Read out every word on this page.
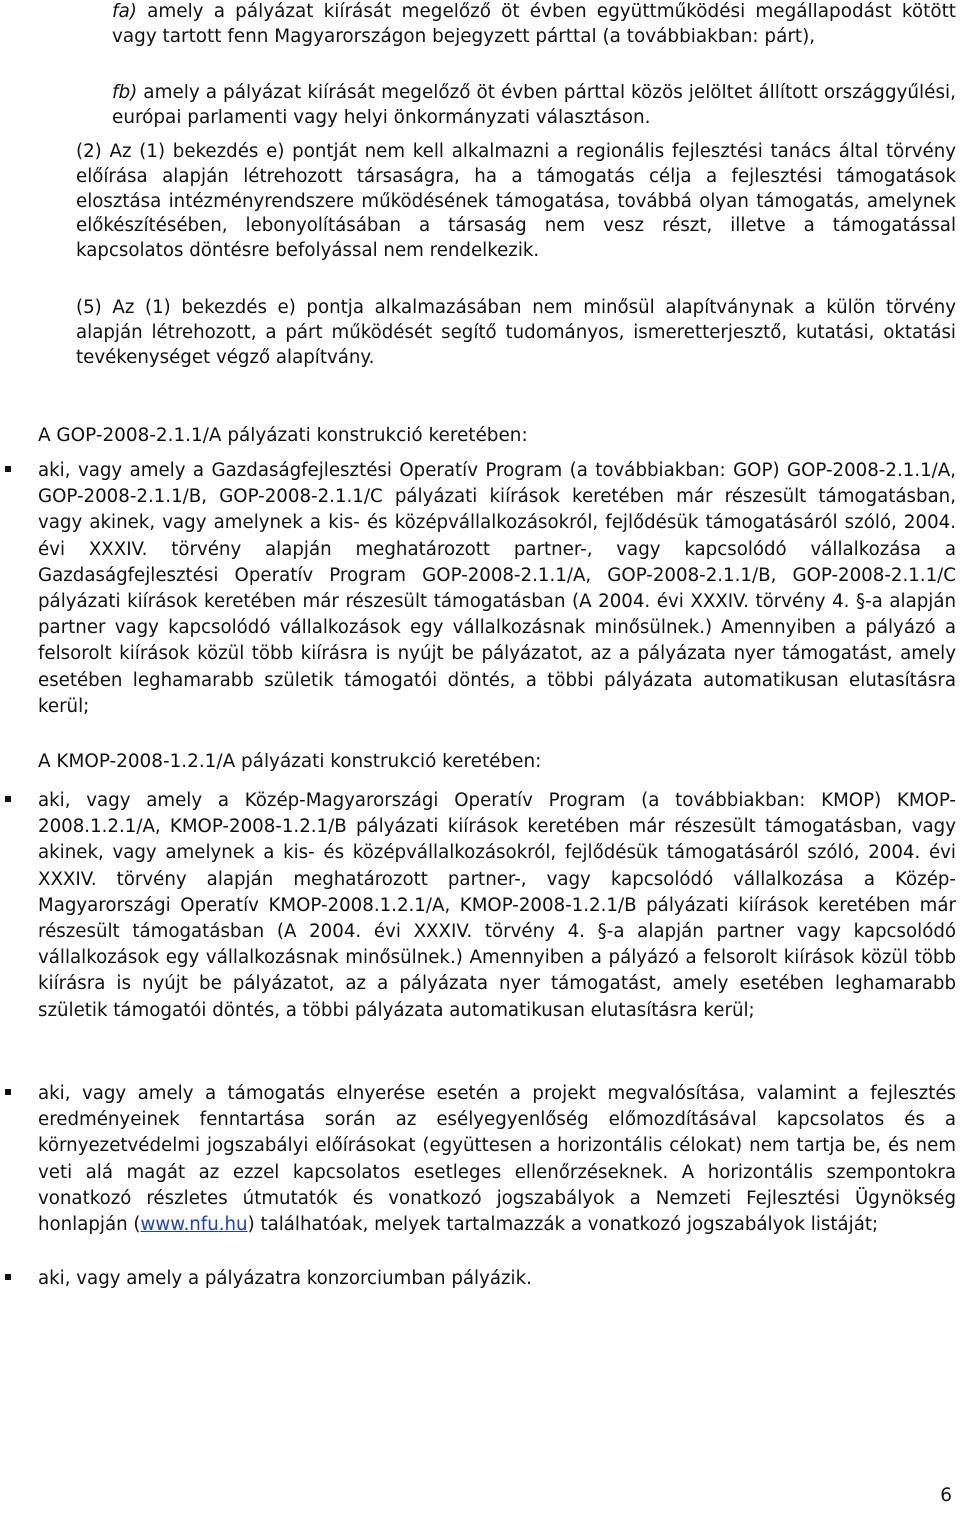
fa) amely a pályázat kiírását megelőző öt évben együttműködési megállapodást kötött vagy tartott fenn Magyarországon bejegyzett párttal (a továbbiakban: párt),
fb) amely a pályázat kiírását megelőző öt évben párttal közös jelöltet állított országgyűlési, európai parlamenti vagy helyi önkormányzati választáson.
(2) Az (1) bekezdés e) pontját nem kell alkalmazni a regionális fejlesztési tanács által törvény előírása alapján létrehozott társaságra, ha a támogatás célja a fejlesztési támogatások elosztása intézményrendszere működésének támogatása, továbbá olyan támogatás, amelynek előkészítésében, lebonyolításában a társaság nem vesz részt, illetve a támogatással kapcsolatos döntésre befolyással nem rendelkezik.
(5) Az (1) bekezdés e) pontja alkalmazásában nem minősül alapítványnak a külön törvény alapján létrehozott, a párt működését segítő tudományos, ismeretterjesztő, kutatási, oktatási tevékenységet végző alapítvány.
A GOP-2008-2.1.1/A pályázati konstrukció keretében:
aki, vagy amely a Gazdaságfejlesztési Operatív Program (a továbbiakban: GOP) GOP-2008-2.1.1/A, GOP-2008-2.1.1/B, GOP-2008-2.1.1/C pályázati kiírások keretében már részesült támogatásban, vagy akinek, vagy amelynek a kis- és középvállalkozásokról, fejlődésük támogatásáról szóló, 2004. évi XXXIV. törvény alapján meghatározott partner-, vagy kapcsolódó vállalkozása a Gazdaságfejlesztési Operatív Program GOP-2008-2.1.1/A, GOP-2008-2.1.1/B, GOP-2008-2.1.1/C pályázati kiírások keretében már részesült támogatásban (A 2004. évi XXXIV. törvény 4. §-a alapján partner vagy kapcsolódó vállalkozások egy vállalkozásnak minősülnek.) Amennyiben a pályázó a felsorolt kiírások közül több kiírásra is nyújt be pályázatot, az a pályázata nyer támogatást, amely esetében leghamarabb születik támogatói döntés, a többi pályázata automatikusan elutasításra kerül;
A KMOP-2008-1.2.1/A pályázati konstrukció keretében:
aki, vagy amely a Közép-Magyarországi Operatív Program (a továbbiakban: KMOP) KMOP-2008.1.2.1/A, KMOP-2008-1.2.1/B pályázati kiírások keretében már részesült támogatásban, vagy akinek, vagy amelynek a kis- és középvállalkozásokról, fejlődésük támogatásáról szóló, 2004. évi XXXIV. törvény alapján meghatározott partner-, vagy kapcsolódó vállalkozása a Közép-Magyarországi Operatív KMOP-2008.1.2.1/A, KMOP-2008-1.2.1/B pályázati kiírások keretében már részesült támogatásban (A 2004. évi XXXIV. törvény 4. §-a alapján partner vagy kapcsolódó vállalkozások egy vállalkozásnak minősülnek.) Amennyiben a pályázó a felsorolt kiírások közül több kiírásra is nyújt be pályázatot, az a pályázata nyer támogatást, amely esetében leghamarabb születik támogatói döntés, a többi pályázata automatikusan elutasításra kerül;
aki, vagy amely a támogatás elnyerése esetén a projekt megvalósítása, valamint a fejlesztés eredményeinek fenntartása során az esélyegyenlőség előmozdításával kapcsolatos és a környezetvédelmi jogszabályi előírásokat (együttesen a horizontális célokat) nem tartja be, és nem veti alá magát az ezzel kapcsolatos esetleges ellenőrzéseknek. A horizontális szempontokra vonatkozó részletes útmutatók és vonatkozó jogszabályok a Nemzeti Fejlesztési Ügynökség honlapján (www.nfu.hu) találhatóak, melyek tartalmazzák a vonatkozó jogszabályok listáját;
aki, vagy amely a pályázatra konzorciumban pályázik.
6
